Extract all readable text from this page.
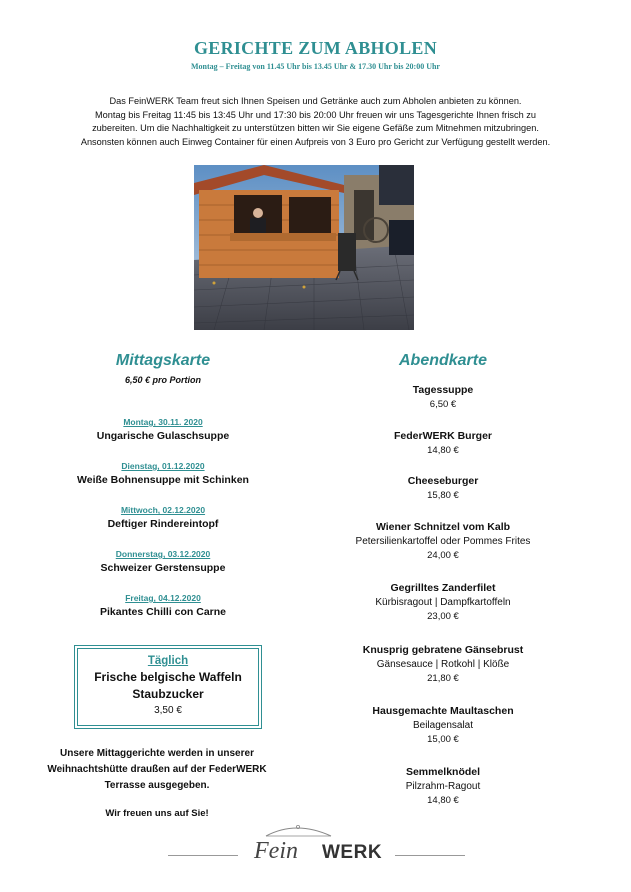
GERICHTE ZUM ABHOLEN
Montag – Freitag von 11.45 Uhr bis 13.45 Uhr & 17.30 Uhr bis 20:00 Uhr

Das FeinWERK Team freut sich Ihnen Speisen und Getränke auch zum Abholen anbieten zu können.

Montag bis Freitag 11:45 bis 13:45 Uhr und 17:30 bis 20:00 Uhr freuen wir uns Tagesgerichte Ihnen frisch zu

zubereiten. Um die Nachhaltigkeit zu unterstützen bitten wir Sie eigene Gefäße zum Mitnehmen mitzubringen.

Ansonsten können auch Einweg Container für einen Aufpreis von 3 Euro pro Gericht zur Verfügung gestellt werden.

Mittagskarte
6,50 € pro Portion
Montag, 30.11. 2020
Ungarische Gulaschsuppe
Dienstag, 01.12.2020
Weiße Bohnensuppe mit Schinken
Mittwoch, 02.12.2020
Deftiger Rindereintopf
Donnerstag, 03.12.2020
Schweizer Gerstensuppe
Freitag, 04.12.2020
Pikantes Chilli con Carne
Täglich
Frische belgische Waffeln
Staubzucker
3,50 €
Unsere Mittaggerichte werden in unserer
Weihnachtshütte draußen auf der FederWERK
Terrasse ausgegeben.
Wir freuen uns auf Sie!
Abendkarte
Tagessuppe
6,50 €
FederWERK Burger
14,80 €
Cheeseburger
15,80 €
Wiener Schnitzel vom Kalb
Petersilienkartoffel oder Pommes Frites
24,00 €
Gegrilltes Zanderfilet
Kürbisragout | Dampfkartoffeln
23,00 €
Knusprig gebratene Gänsebrust
Gänsesauce | Rotkohl | Klöße
21,80 €
Hausgemachte Maultaschen
Beilagensalat
15,00 €
Semmelknödel
Pilzrahm-Ragout
14,80 €
Fein WERK
